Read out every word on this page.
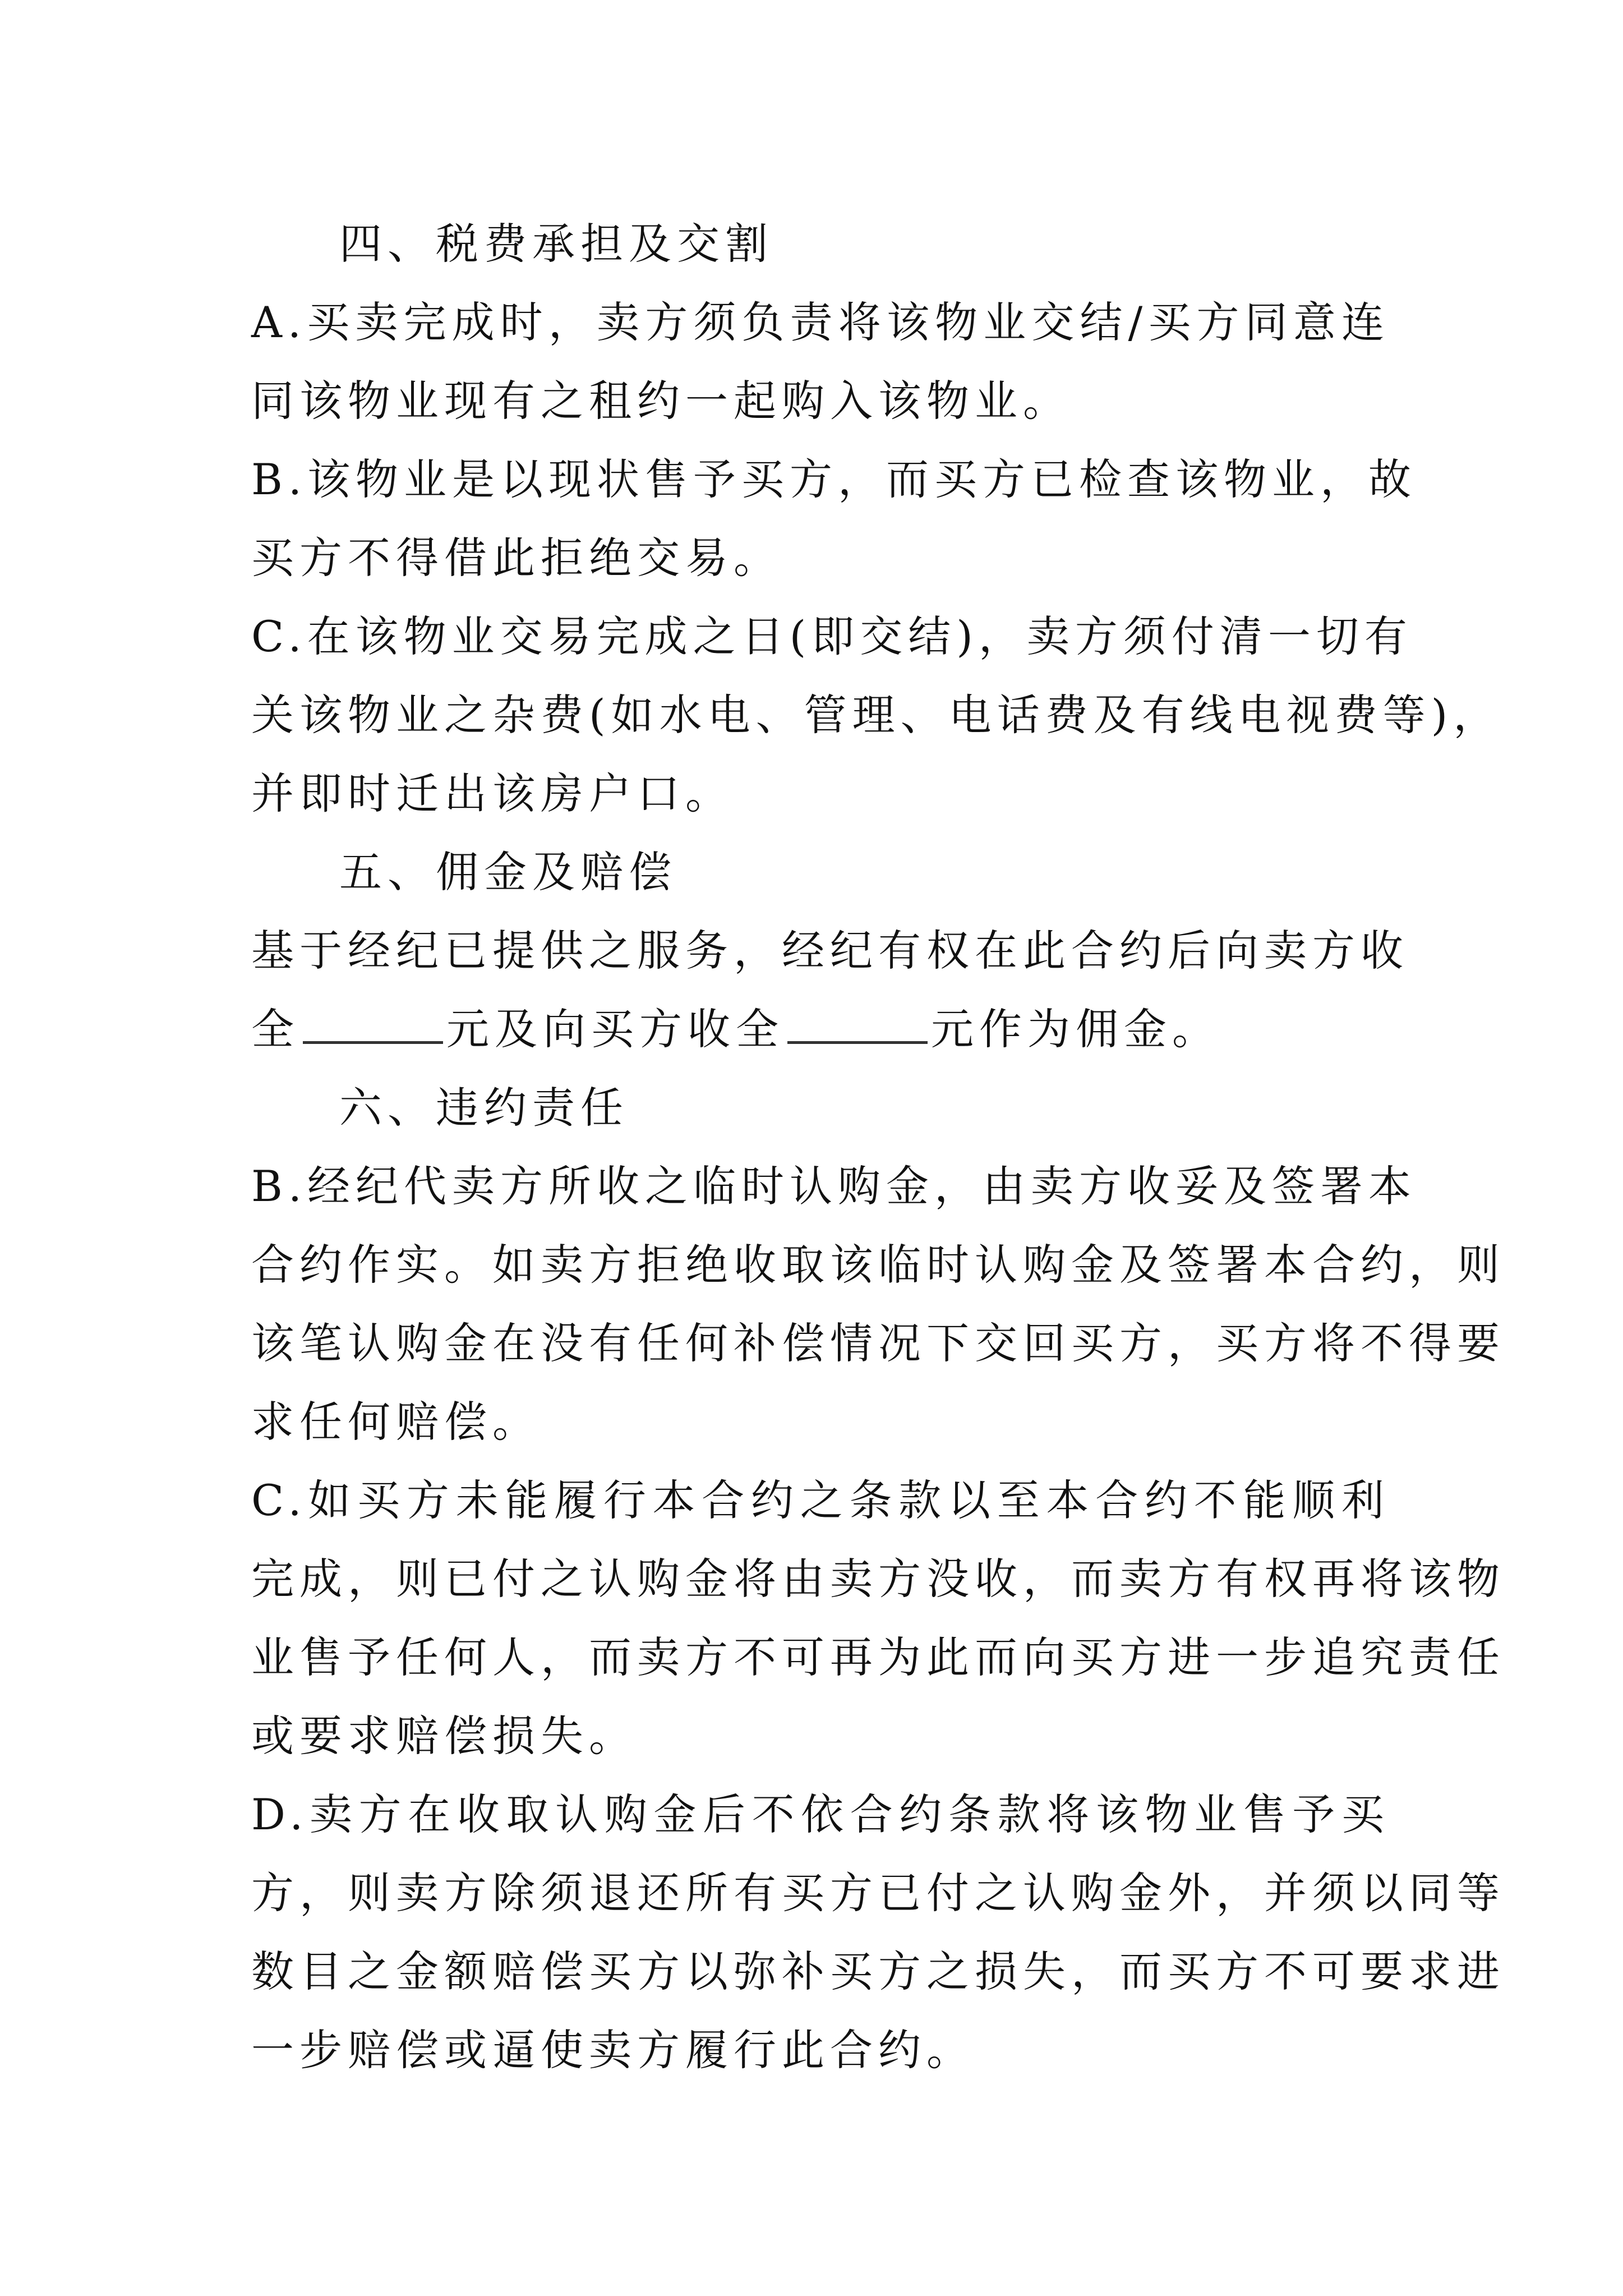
四、税费承担及交割
A.买卖完成时，卖方须负责将该物业交结/买方同意连
同该物业现有之租约一起购入该物业。
B.该物业是以现状售予买方，而买方已检查该物业，故
买方不得借此拒绝交易。
C.在该物业交易完成之日(即交结)，卖方须付清一切有
关该物业之杂费(如水电、管理、电话费及有线电视费等)，
并即时迁出该房户口。
五、佣金及赔偿
基于经纪已提供之服务，经纪有权在此合约后向卖方收
全	元及向买方收全	元作为佣金。
六、违约责任
B.经纪代卖方所收之临时认购金，由卖方收妥及签署本
合约作实。如卖方拒绝收取该临时认购金及签署本合约，则
该笔认购金在没有任何补偿情况下交回买方，买方将不得要
求任何赔偿。
C.如买方未能履行本合约之条款以至本合约不能顺利
完成，则已付之认购金将由卖方没收，而卖方有权再将该物
业售予任何人，而卖方不可再为此而向买方进一步追究责任
或要求赔偿损失。
D.卖方在收取认购金后不依合约条款将该物业售予买
方，则卖方除须退还所有买方已付之认购金外，并须以同等
数目之金额赔偿买方以弥补买方之损失，而买方不可要求进
一步赔偿或逼使卖方履行此合约。
